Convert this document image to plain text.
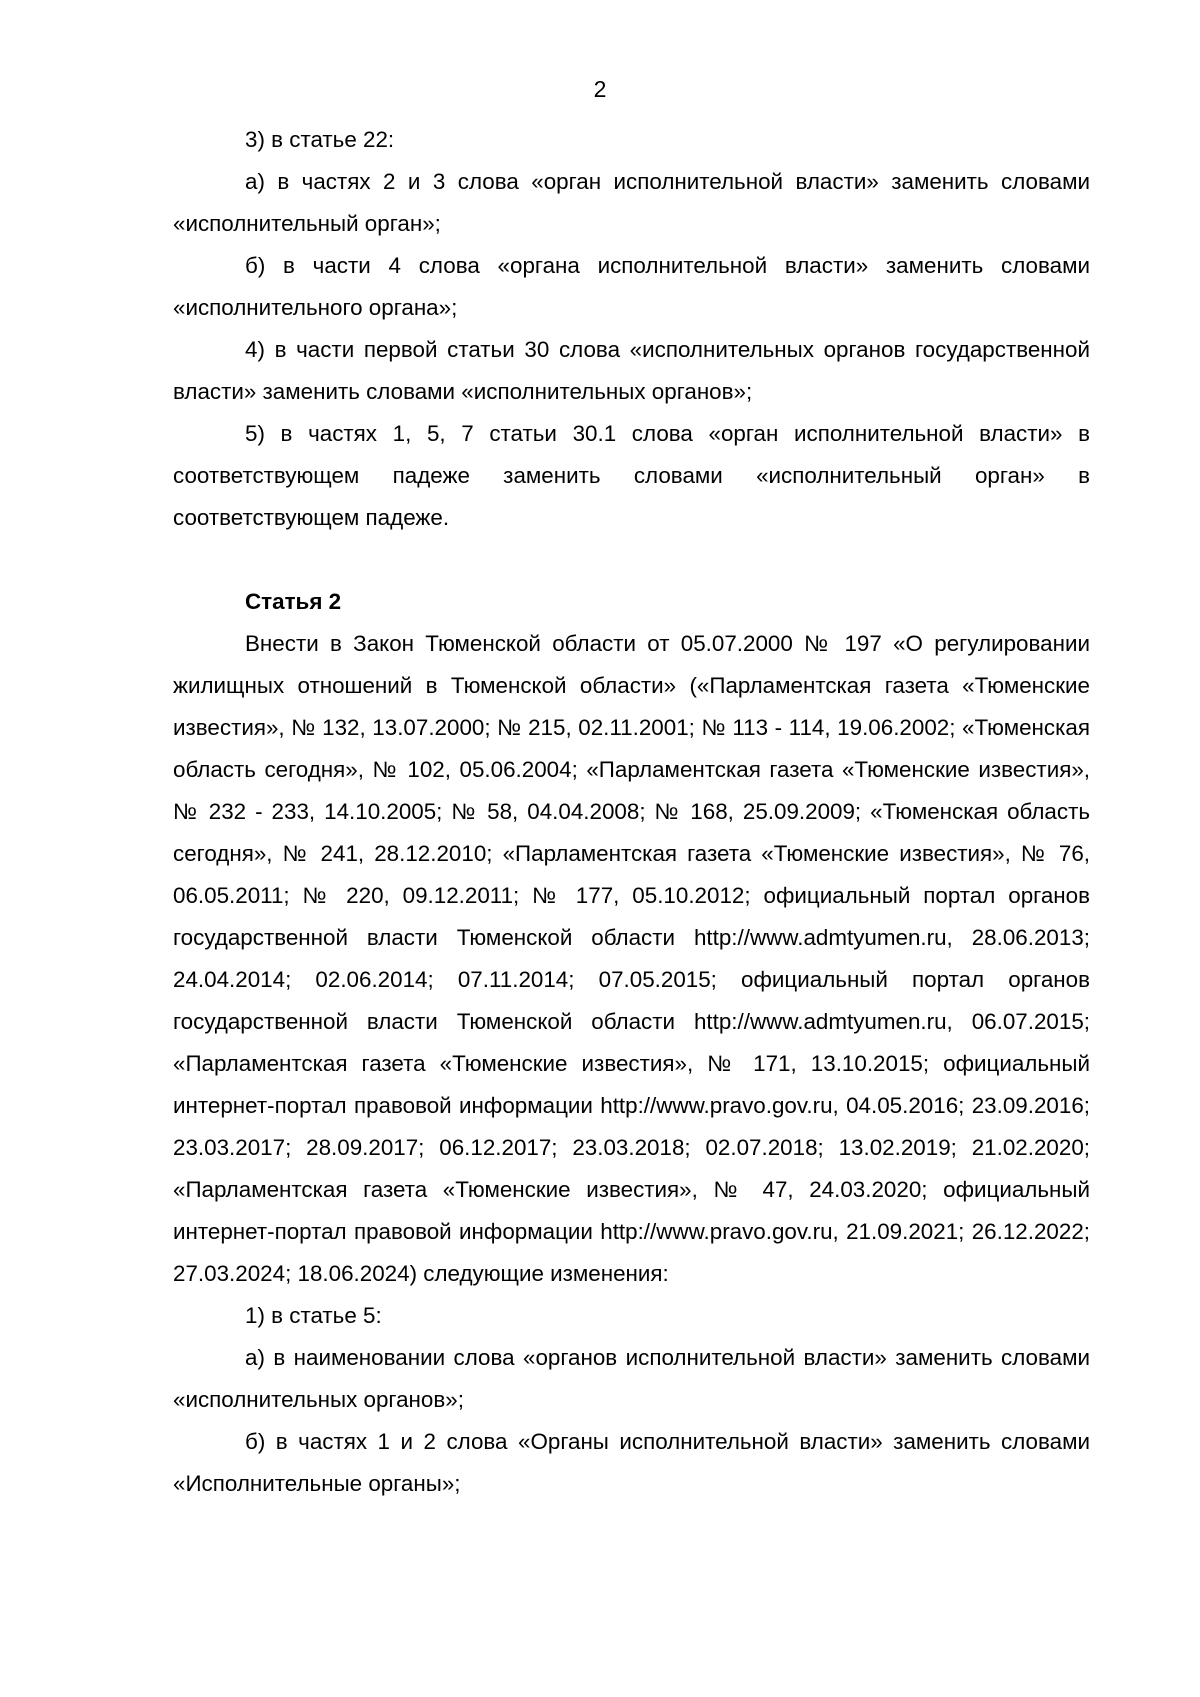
2

3) в статье 22:

а) в частях 2 и 3 слова «орган исполнительной власти» заменить словами «исполнительный орган»;

б) в части 4 слова «органа исполнительной власти» заменить словами «исполнительного органа»;

4) в части первой статьи 30 слова «исполнительных органов государственной власти» заменить словами «исполнительных органов»;

5) в частях 1, 5, 7 статьи 30.1 слова «орган исполнительной власти» в соответствующем падеже заменить словами «исполнительный орган» в соответствующем падеже.

Статья 2

Внести в Закон Тюменской области от 05.07.2000 № 197 «О регулировании жилищных отношений в Тюменской области» («Парламентская газета «Тюменские известия», № 132, 13.07.2000; № 215, 02.11.2001; № 113 - 114, 19.06.2002; «Тюменская область сегодня», № 102, 05.06.2004; «Парламентская газета «Тюменские известия», № 232 - 233, 14.10.2005; № 58, 04.04.2008; № 168, 25.09.2009; «Тюменская область сегодня», № 241, 28.12.2010; «Парламентская газета «Тюменские известия», № 76, 06.05.2011; № 220, 09.12.2011; № 177, 05.10.2012; официальный портал органов государственной власти Тюменской области http://www.admtyumen.ru, 28.06.2013; 24.04.2014; 02.06.2014; 07.11.2014; 07.05.2015; официальный портал органов государственной власти Тюменской области http://www.admtyumen.ru, 06.07.2015; «Парламентская газета «Тюменские известия», № 171, 13.10.2015; официальный интернет-портал правовой информации http://www.pravo.gov.ru, 04.05.2016; 23.09.2016; 23.03.2017; 28.09.2017; 06.12.2017; 23.03.2018; 02.07.2018; 13.02.2019; 21.02.2020; «Парламентская газета «Тюменские известия», № 47, 24.03.2020; официальный интернет-портал правовой информации http://www.pravo.gov.ru, 21.09.2021; 26.12.2022; 27.03.2024; 18.06.2024) следующие изменения:

1) в статье 5:

а) в наименовании слова «органов исполнительной власти» заменить словами «исполнительных органов»;

б) в частях 1 и 2 слова «Органы исполнительной власти» заменить словами «Исполнительные органы»;
